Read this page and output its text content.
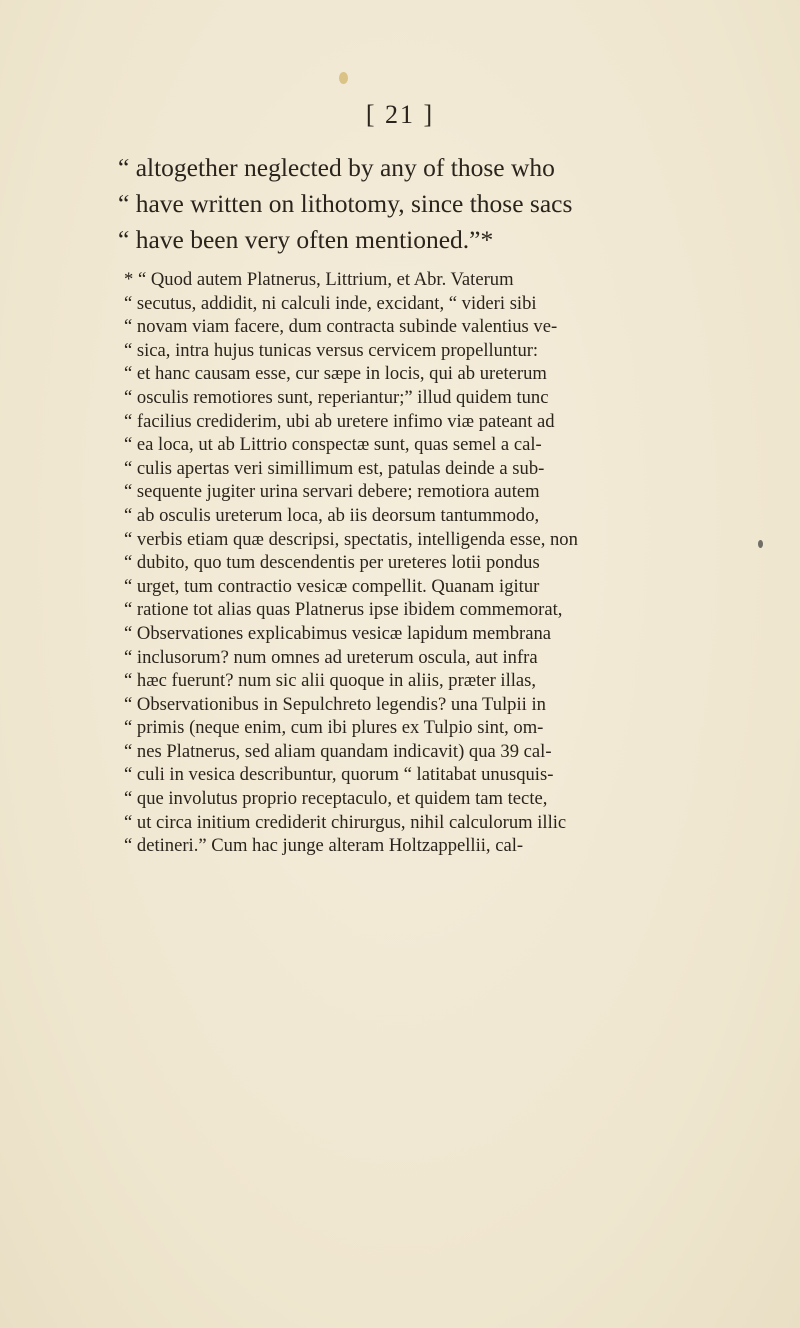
[ 21 ]
“ altogether neglected by any of those who
“ have written on lithotomy, since those sacs
“ have been very often mentioned.”*
* “ Quod autem Platnerus, Littrium, et Abr. Vaterum
“ secutus, addidit, ni calculi inde, excidant, “ videri sibi
“ novam viam facere, dum contracta subinde valentius ve-
“ sica, intra hujus tunicas versus cervicem propelluntur:
“ et hanc causam esse, cur sæpe in locis, qui ab ureterum
“ osculis remotiores sunt, reperiantur;” illud quidem tunc
“ facilius crediderim, ubi ab uretere infimo viæ pateant ad
“ ea loca, ut ab Littrio conspectæ sunt, quas semel a cal-
“ culis apertas veri simillimum est, patulas deinde a sub-
“ sequente jugiter urina servari debere; remotiora autem
“ ab osculis ureterum loca, ab iis deorsum tantummodo,
“ verbis etiam quæ descripsi, spectatis, intelligenda esse, non
“ dubito, quo tum descendentis per ureteres lotii pondus
“ urget, tum contractio vesicæ compellit. Quanam igitur
“ ratione tot alias quas Platnerus ipse ibidem commemorat,
“ Observationes explicabimus vesicæ lapidum membrana
“ inclusorum? num omnes ad ureterum oscula, aut infra
“ hæc fuerunt? num sic alii quoque in aliis, præter illas,
“ Observationibus in Sepulchreto legendis? una Tulpii in
“ primis (neque enim, cum ibi plures ex Tulpio sint, om-
“ nes Platnerus, sed aliam quandam indicavit) qua 39 cal-
“ culi in vesica describuntur, quorum “ latitabat unusquis-
“ que involutus proprio receptaculo, et quidem tam tecte,
“ ut circa initium crediderit chirurgus, nihil calculorum illic
“ detineri.” Cum hac junge alteram Holtzappellii, cal-
